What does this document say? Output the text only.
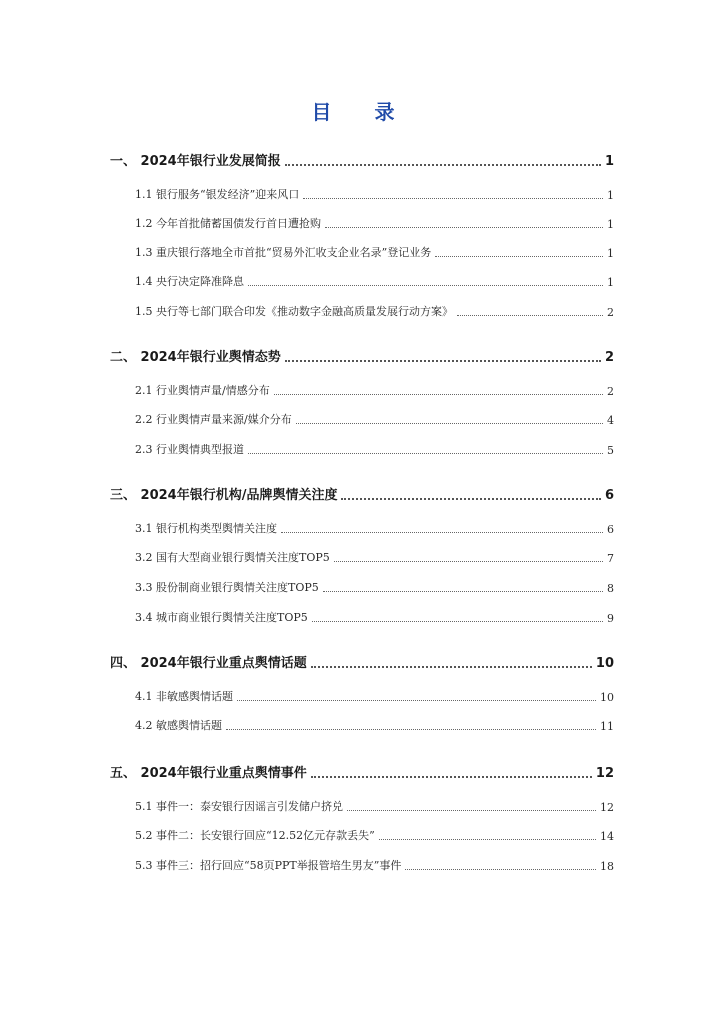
目 录
一、 2024年银行业发展简报	1
1.1 银行服务“银发经济”迎来风口	1
1.2 今年首批储蓄国债发行首日遭抢购	1
1.3 重庆银行落地全市首批“贸易外汇收支企业名录”登记业务	1
1.4 央行决定降准降息	1
1.5 央行等七部门联合印发《推动数字金融高质量发展行动方案》	2
二、 2024年银行业舆情态势	2
2.1 行业舆情声量/情感分布	2
2.2 行业舆情声量来源/媒介分布	4
2.3 行业舆情典型报道	5
三、 2024年银行机构/品牌舆情关注度	6
3.1 银行机构类型舆情关注度	6
3.2 国有大型商业银行舆情关注度TOP5	7
3.3 股份制商业银行舆情关注度TOP5	8
3.4 城市商业银行舆情关注度TOP5	9
四、 2024年银行业重点舆情话题	10
4.1 非敏感舆情话题	10
4.2 敏感舆情话题	11
五、 2024年银行业重点舆情事件	12
5.1 事件一：泰安银行因谣言引发储户挤兑	12
5.2 事件二：长安银行回应“12.52亿元存款丢失”	14
5.3 事件三：招行回应“58页PPT举报管培生男友”事件	18
